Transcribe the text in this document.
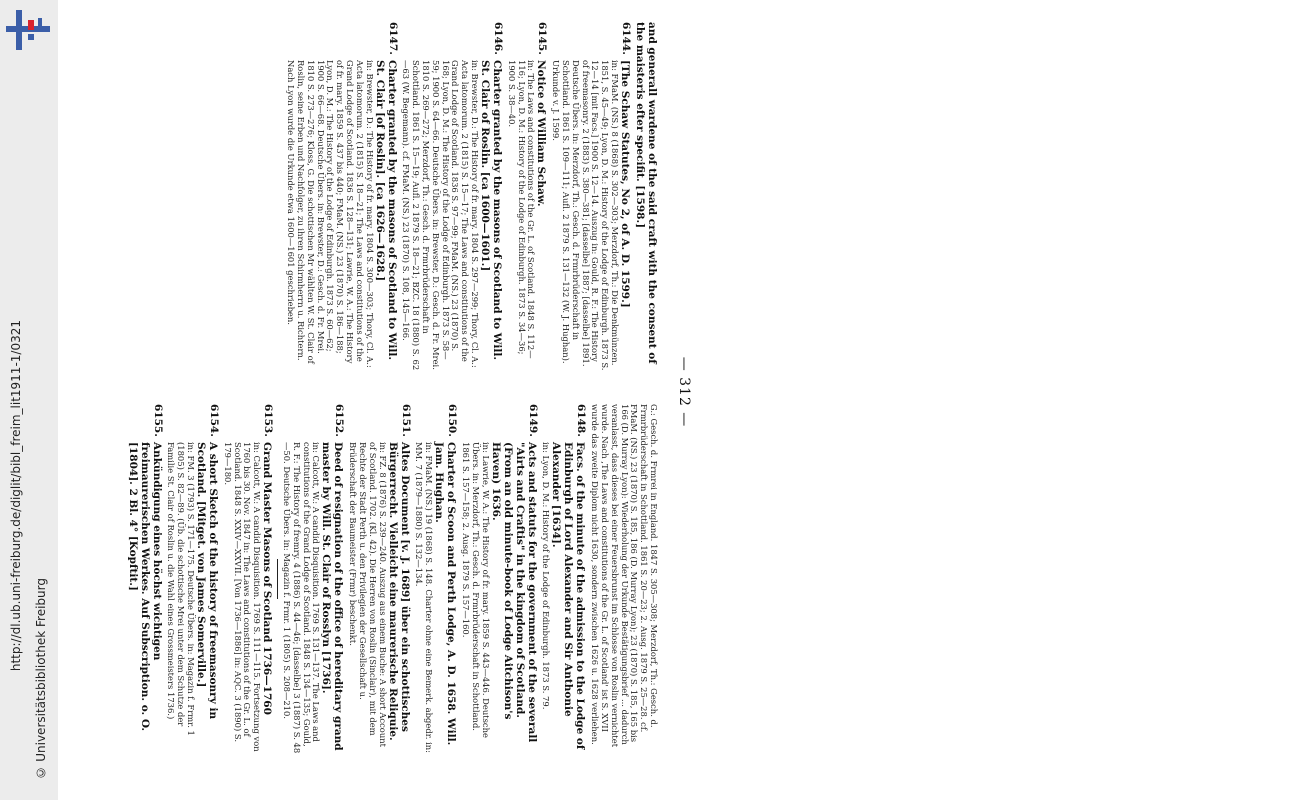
http://dl.ub.uni-freiburg.de/diglit/bibl_freim_lit1911-1/0321
© Universitätsbibliothek Freiburg
— 312 —
and generall wardene of the said craft with the consent of the maisteris efter specifit. [1598.]
6144.
[The Schaw Statutes, No 2, of A. D. 1599.]
in: FMaM. (NS.) 8 (1868) S. 302—303; Merzdorf, Th.: Die Denkmünzen. 1851, S. 45—49; Lyon, D. M.: History of the Lodge of Edinburgh. 1873 S. 12—14 [mit Facs.] 1900 S. 12—14. Auszug in: Gould, R. F.: The History of freemasonry. 2 (1883) S. 380—381; [dasselbe] 1887; [dasselbe] 1891. Deutsche Übers. in: Merzdorf, Th.: Gesch. d. Frmrbrüderschaft in Schottland. 1861 S. 109—111; Aufl. 2 1879 S. 131—132 (W. J. Hughan). Urkunde v. J. 1599.
6145.
Notice of William Schaw.
in: The Laws and constitutions of the Gr. L. of Scotland. 1848 S. 112—116; Lyon, D. M.: History of the Lodge of Edinburgh. 1873 S. 34—36; 1900 S. 38—40.
6146.
Charter granted by the masons of Scotland to Will. St. Clair of Roslin. [ca 1600—1601.]
in: Brewster, D.: The History of fr. mary. 1804 S. 297—299; Thory, Cl. A.: Acta latomorum. 2 (1815) S. 15—17; The Laws and constitutions of the Grand Lodge of Scotland. 1836 S. 97—99; FMaM. (NS.) 23 (1870) S. 168; Lyon, D. M.: The History of the Lodge of Edinburgh. 1873 S. 58—59; 1900 S. 64—66. Deutsche Übers. in: Brewster, D.: Gesch. d. Fr. Mrei. 1810 S. 269—272; Merzdorf, Th.: Gesch. d. Frmrbrüderschaft in Schottland. 1861 S. 15—19; Aufl. 2 1879 S. 18—21; BZC. 18 (1880) S. 62—63 (W. Begemann). cf. FMaM. (NS.) 23 (1870) S. 108, 145—166.
6147.
Charter granted by the masons of Scotland to Will. St. Clair [of Roslin]. [ca 1626—1628.]
in: Brewster, D.: The History of fr. mary. 1804 S. 300—303; Thory, Cl. A.: Acta latomorum. 2 (1815) S. 18—21; The Laws and constitutions of the Grand Lodge of Scotland. 1836 S. 128—131; Lawrie, W. A.: The History of fr. mary. 1859 S. 437 bis 440; FMaM. (NS.) 23 (1870) S. 186—188; Lyon, D. M.: The History of the Lodge of Edinburgh. 1873 S. 60—62; 1900 S. 66—68. Deutsche Übers. in: Brewster, D.: Gesch. d. Fr. Mrei. 1810 S. 273—276; Kloss, G. Die schottischen Mr wählten W. St. Clair of Roslin, seine Erben und Nachfolger, zu ihren Schirmherrn u. Richtern. Nach Lyon wurde die Urkunde etwa 1600—1601 geschrieben.
G.: Gesch. d. Frmrei in England. 1847 S. 305—308; Merzdorf, Th.: Gesch. d. Frmrbrüderschaft in Schottland. 1861 S. 20—23; 2. Ausg. 1879 S. 25—28. cf. FMaM. (NS.) 23 (1870) S. 185, 186 (D. Murray Lyon); 23 (1870) S. 185, 165 bis 166 (D. Murray Lyon): Wiederholung der Urkunde Bestätigungsbrief ... dadurch veranlasst, dass dieses bei einer Feuersbrunst im Schlosse von Roslin vernichtet wurde. Nach ,The Laws and constitutions of the Gr. L. of Scotland' ist S. XVII wurde das zweite Diplom nicht 1630, sondern zwischen 1626 u. 1628 verliehen.
6148.
Facs. of the minute of the admission to the Lodge of Edinburgh of Lord Alexander and Sir Anthonie Alexander [1634].
in: Lyon, D. M.: History of the Lodge of Edinburgh. 1873 S. 79.
6149.
Acts and statuts for the government of the severall "Airts and Craftis" in the kingdom of Scotland. (From an old minute-book of Lodge Aitchison's Haven) 1636.
in: Lawrie, W. A.: The History of fr. mary. 1859 S. 443—446. Deutsche Übers. in: Merzdorf, Th.: Gesch. d. Frmrbrüderschaft in Schottland. 1861 S. 157—158; 2. Ausg. 1879 S. 157—160.
6150.
Charter of Scoon and Perth Lodge, A. D. 1658. Will. Jam. Hughan.
in: FMaM. (NS.) 19 (1868) S. 148. Charter ohne eine Bemerk. abgedr. in: MM. 7 (1879—1880) S. 132—134.
6151.
Altes Document [v. J. 1689] über ein schottisches Bürgerrecht. Vielleicht eine maurerische Reliquie.
in: FZ. 8 (1876) S. 239—240. Auszug aus einem Buche: A short Account of Scotland. 1702. (Kl. 42). Die Herren von Roslin (Sinclair), mit dem Rechte der Stadt Perth u. den Privilegien der Gesellschaft u. Brüderschaft der Baumeister (Frmr) beschenkt.
6152.
Deed of resignation of the office of hereditary grand master by Will. St. Clair of Rosslyn [1736].
in: Calcott, W.: A candid Disquisition. 1769 S. 131—137. The Laws and constitutions of the Grand Lodge of Scotland. 1848 S. 134—135; Gould, R. F.: The History of fremry. 4 (1886) S. 44—46; [dasselbe] 3 (1887) S. 48—50. Deutsche Übers. in: Magazin f. Frmr. 1 (1805) S. 208—210.
6153.
Grand Master Masons of Scotland 1736—1760
in: Calcott, W.: A candid Disquisition. 1769 S. 111—115. Fortsetzung von 1760 bis 30. Nov. 1847 in: The Laws and constitutions of the Gr. L. of Scotland. 1848 S. XXIV—XXVII. [Von 1736—1886] in: AQC. 3 (1890) S. 179—180.
6154.
A short Sketch of the history of freemasonry in Scotland. [Mitget. von James Somerville.]
in: FM. 3 (1793) S. 171—175. Deutsche Übers. in: Magazin f. Frmr. 1 (1805) S. 82—89. (Üb. die schottische Mrei unter dem Schutze der Familie St. Clair of Roslin u. die Wahl eines Grossmeisters 1736.)
6155.
Ankündigung eines höchst wichtigen freimaurerischen Werkes. Auf Subscription. o. O. [1804]. 2 Bl. 4° [Kopftit.]
